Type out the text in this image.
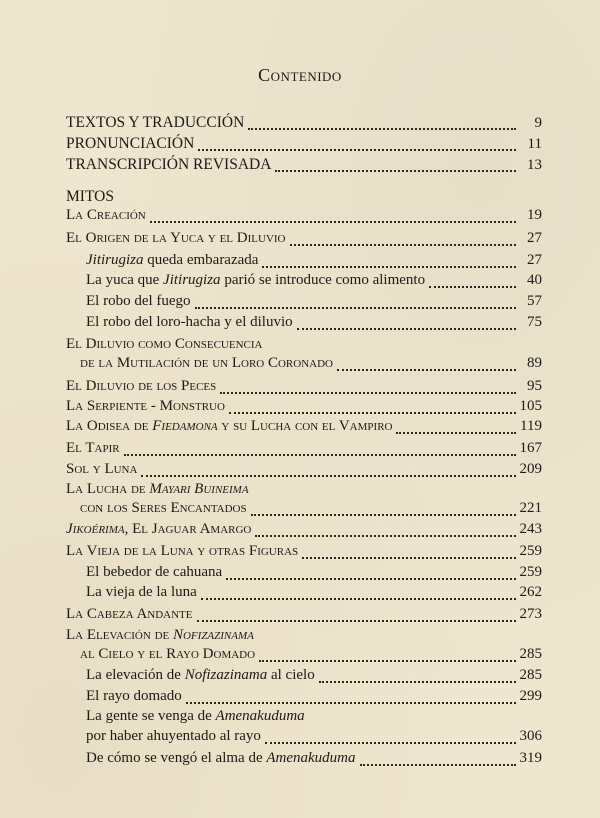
Contenido
TEXTOS Y TRADUCCIÓN	9
PRONUNCIACIÓN	11
TRANSCRIPCIÓN REVISADA	13
MITOS
La Creación	19
El Origen de la Yuca y el Diluvio	27
Jitirugiza queda embarazada	27
La yuca que Jitirugiza parió se introduce como alimento	40
El robo del fuego	57
El robo del loro-hacha y el diluvio	75
El Diluvio como Consecuencia
de la Mutilación de un Loro Coronado	89
El Diluvio de los Peces	95
La Serpiente - Monstruo	105
La Odisea de Fiedamona y su Lucha con el Vampiro	119
El Tapir	167
Sol y Luna	209
La Lucha de Mayari Buineima
con los Seres Encantados	221
Jikoérima, El Jaguar Amargo	243
La Vieja de la Luna y otras Figuras	259
El bebedor de cahuana	259
La vieja de la luna	262
La Cabeza Andante	273
La Elevación de Nofizazinama
al Cielo y el Rayo Domado	285
La elevación de Nofizazinama al cielo	285
El rayo domado	299
La gente se venga de Amenakuduma
por haber ahuyentado al rayo	306
De cómo se vengó el alma de Amenakuduma	319
